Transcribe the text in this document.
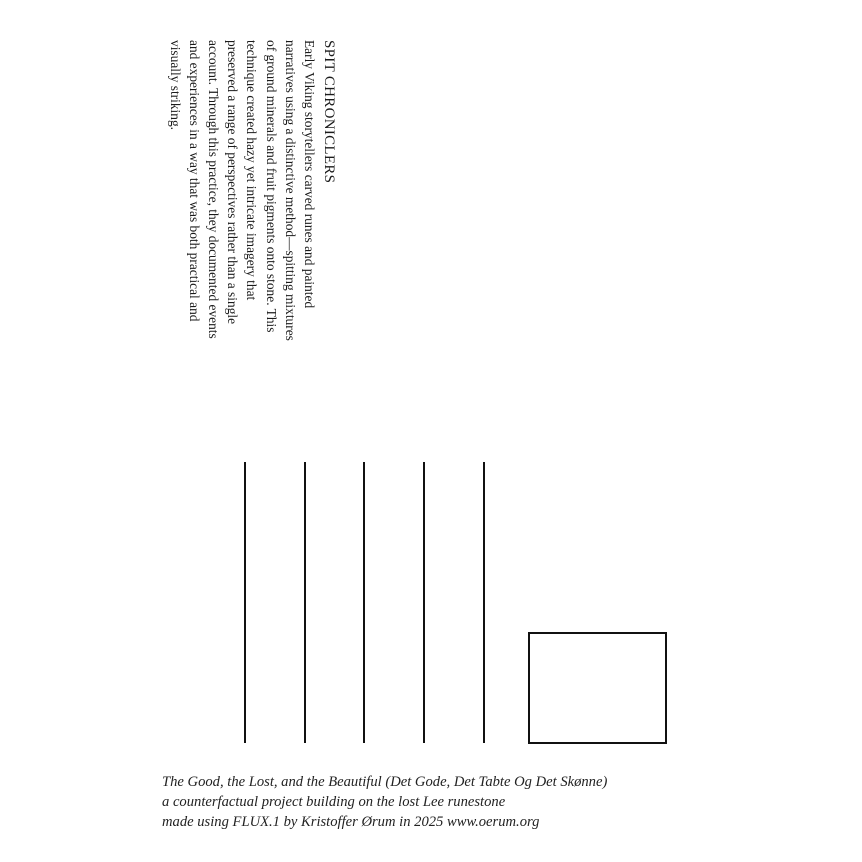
SPIT CHRONICLERS

Early Viking storytellers carved runes and painted

narratives using a distinctive method—spitting mixtures

of ground minerals and fruit pigments onto stone. This

technique created hazy yet intricate imagery that

preserved a range of perspectives rather than a single

account. Through this practice, they documented events

and experiences in a way that was both practical and

visually striking.

The Good, the Lost, and the Beautiful (Det Gode, Det Tabte Og Det Skønne)
a counterfactual project building on the lost Lee runestone
made using FLUX.1 by Kristoffer Ørum in 2025 www.oerum.org
